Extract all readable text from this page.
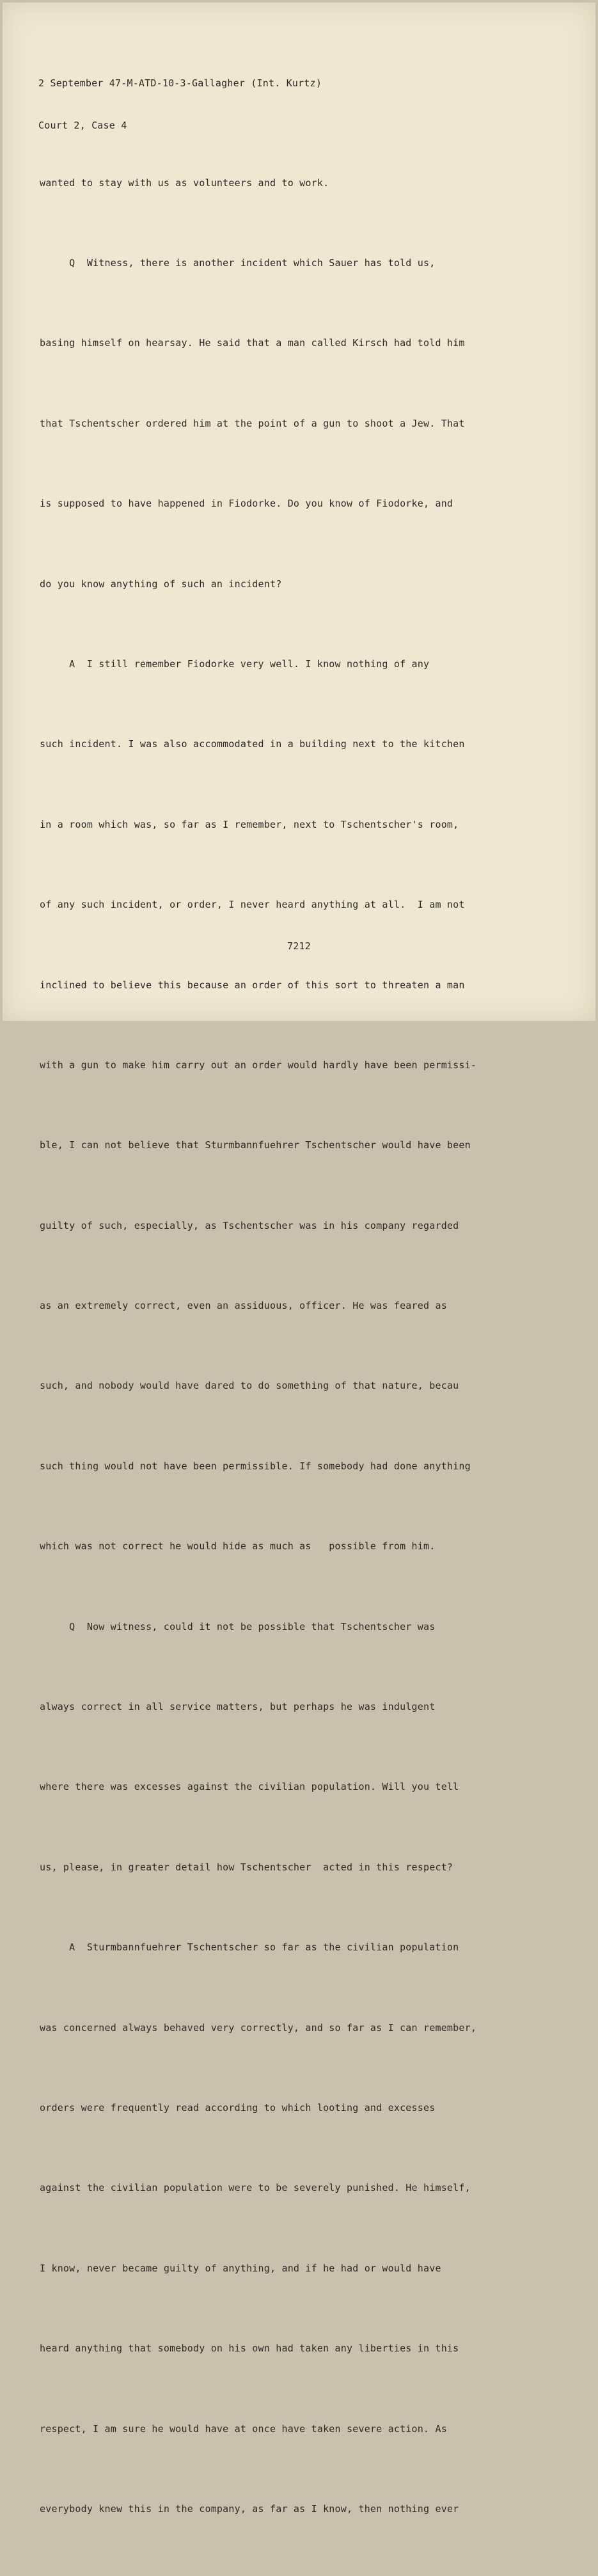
2 September 47-M-ATD-10-3-Gallagher (Int. Kurtz)

Court 2, Case 4

wanted to stay with us as volunteers and to work.

Q  Witness, there is another incident which Sauer has told us,

basing himself on hearsay. He said that a man called Kirsch had told him

that Tschentscher ordered him at the point of a gun to shoot a Jew. That

is supposed to have happened in Fiodorke. Do you know of Fiodorke, and

do you know anything of such an incident?

A  I still remember Fiodorke very well. I know nothing of any

such incident. I was also accommodated in a building next to the kitchen

in a room which was, so far as I remember, next to Tschentscher's room,

of any such incident, or order, I never heard anything at all.  I am not

inclined to believe this because an order of this sort to threaten a man

with a gun to make him carry out an order would hardly have been permissi-

ble, I can not believe that Sturmbannfuehrer Tschentscher would have been

guilty of such, especially, as Tschentscher was in his company regarded

as an extremely correct, even an assiduous, officer. He was feared as

such, and nobody would have dared to do something of that nature, becau

such thing would not have been permissible. If somebody had done anything

which was not correct he would hide as much as   possible from him.

Q  Now witness, could it not be possible that Tschentscher was

always correct in all service matters, but perhaps he was indulgent

where there was excesses against the civilian population. Will you tell

us, please, in greater detail how Tschentscher  acted in this respect?

A  Sturmbannfuehrer Tschentscher so far as the civilian population

was concerned always behaved very correctly, and so far as I can remember,

orders were frequently read according to which looting and excesses

against the civilian population were to be severely punished. He himself,

I know, never became guilty of anything, and if he had or would have

heard anything that somebody on his own had taken any liberties in this

respect, I am sure he would have at once have taken severe action. As

everybody knew this in the company, as far as I know, then nothing ever

7212
